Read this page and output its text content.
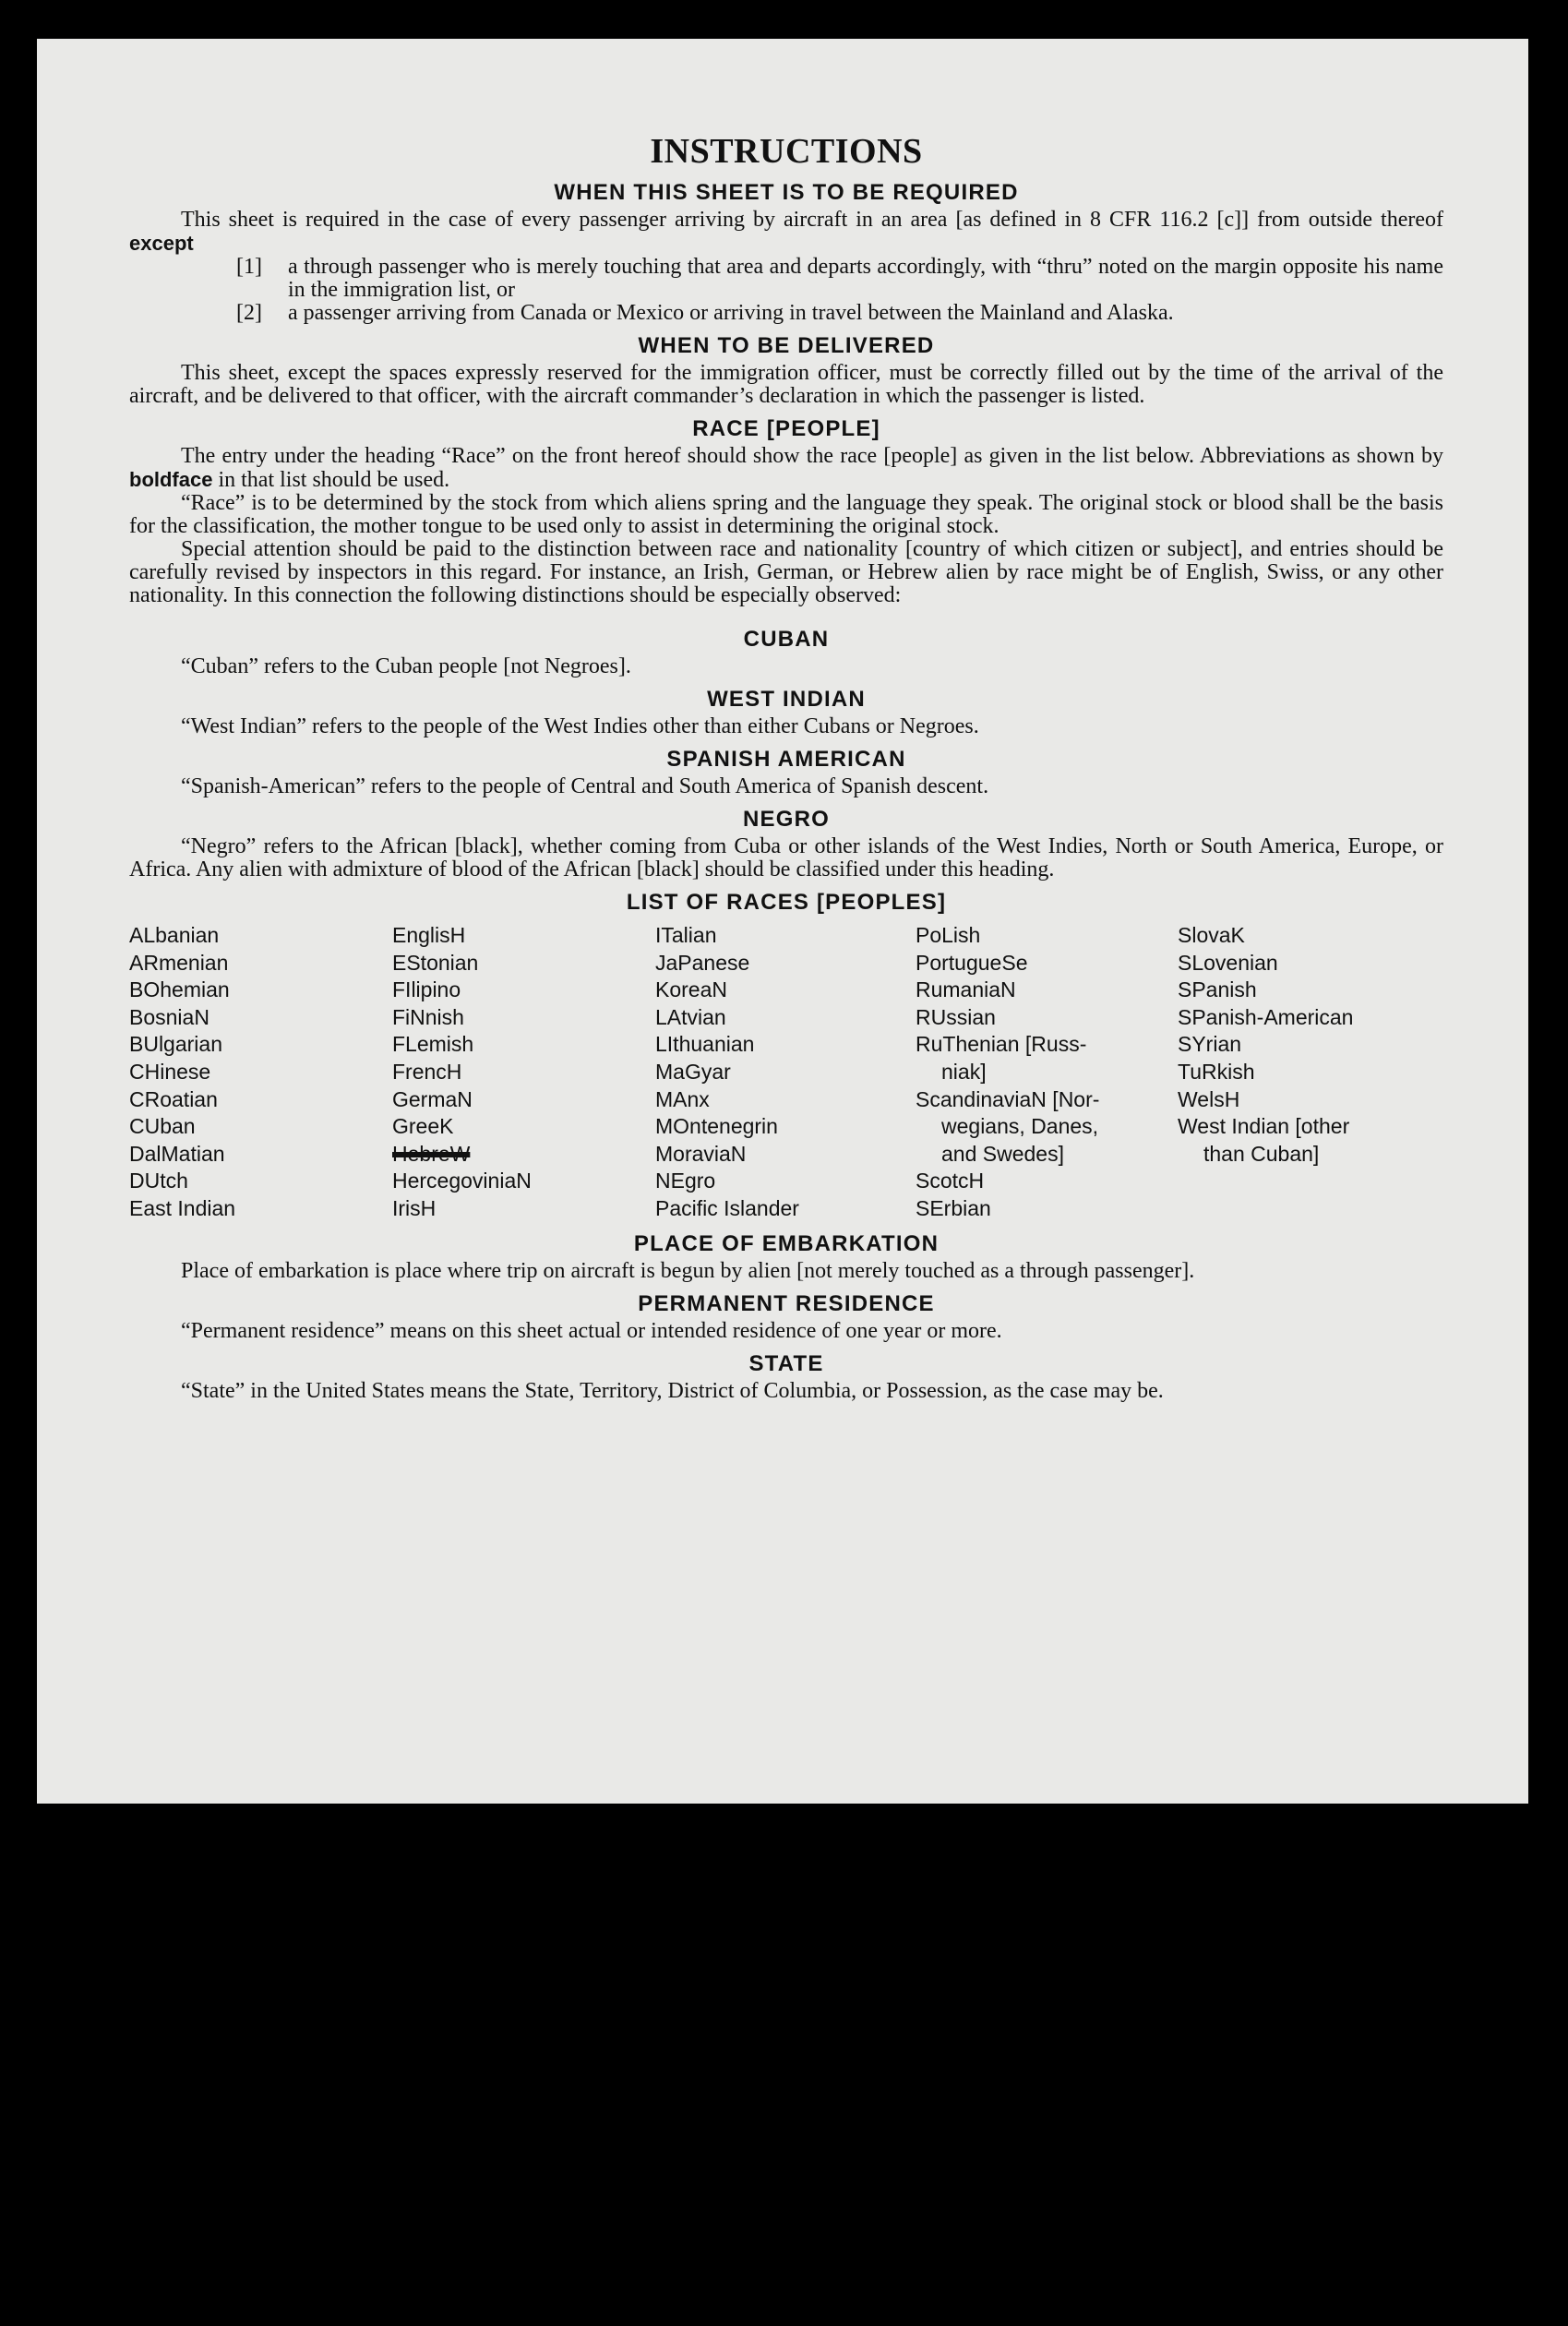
INSTRUCTIONS
WHEN THIS SHEET IS TO BE REQUIRED

This sheet is required in the case of every passenger arriving by aircraft in an area [as defined in 8 CFR 116.2 [c]] from outside thereof except

[1]	a through passenger who is merely touching that area and departs accordingly, with “thru” noted on the margin opposite his name in the immigration list, or
[2]	a passenger arriving from Canada or Mexico or arriving in travel between the Mainland and Alaska.
WHEN TO BE DELIVERED

This sheet, except the spaces expressly reserved for the immigration officer, must be correctly filled out by the time of the arrival of the aircraft, and be delivered to that officer, with the aircraft commander’s declaration in which the passenger is listed.

RACE [PEOPLE]

The entry under the heading “Race” on the front hereof should show the race [people] as given in the list below. Abbreviations as shown by boldface in that list should be used.

“Race” is to be determined by the stock from which aliens spring and the language they speak. The original stock or blood shall be the basis for the classification, the mother tongue to be used only to assist in determining the original stock.

Special attention should be paid to the distinction between race and nationality [country of which citizen or subject], and entries should be carefully revised by inspectors in this regard. For instance, an Irish, German, or Hebrew alien by race might be of English, Swiss, or any other nationality. In this connection the following distinctions should be especially observed:

CUBAN

“Cuban” refers to the Cuban people [not Negroes].

WEST INDIAN

“West Indian” refers to the people of the West Indies other than either Cubans or Negroes.

SPANISH AMERICAN

“Spanish-American” refers to the people of Central and South America of Spanish descent.

NEGRO

“Negro” refers to the African [black], whether coming from Cuba or other islands of the West Indies, North or South America, Europe, or Africa. Any alien with admixture of blood of the African [black] should be classified under this heading.

LIST OF RACES [PEOPLES]
ALbanian
ARmenian
BOhemian
BosniaN
BUlgarian
CHinese
CRoatian
CUban
DalMatian
DUtch
East Indian
EnglisH
EStonian
FIlipino
FiNnish
FLemish
FrencH
GermaN
GreeK
HebreW
HercegoviniaN
IrisH
ITalian
JaPanese
KoreaN
LAtvian
LIthuanian
MaGyar
MAnx
MOntenegrin
MoraviaN
NEgro
Pacific Islander
PoLish
PortugueSe
RumaniaN
RUssian
RuThenian [Russ-
niak]
ScandinaviaN [Nor-
wegians, Danes,
and Swedes]
ScotcH
SErbian
SlovaK
SLovenian
SPanish
SPanish-American
SYrian
TuRkish
WelsH
West Indian [other
than Cuban]
PLACE OF EMBARKATION

Place of embarkation is place where trip on aircraft is begun by alien [not merely touched as a through passenger].

PERMANENT RESIDENCE

“Permanent residence” means on this sheet actual or intended residence of one year or more.

STATE

“State” in the United States means the State, Territory, District of Columbia, or Possession, as the case may be.
